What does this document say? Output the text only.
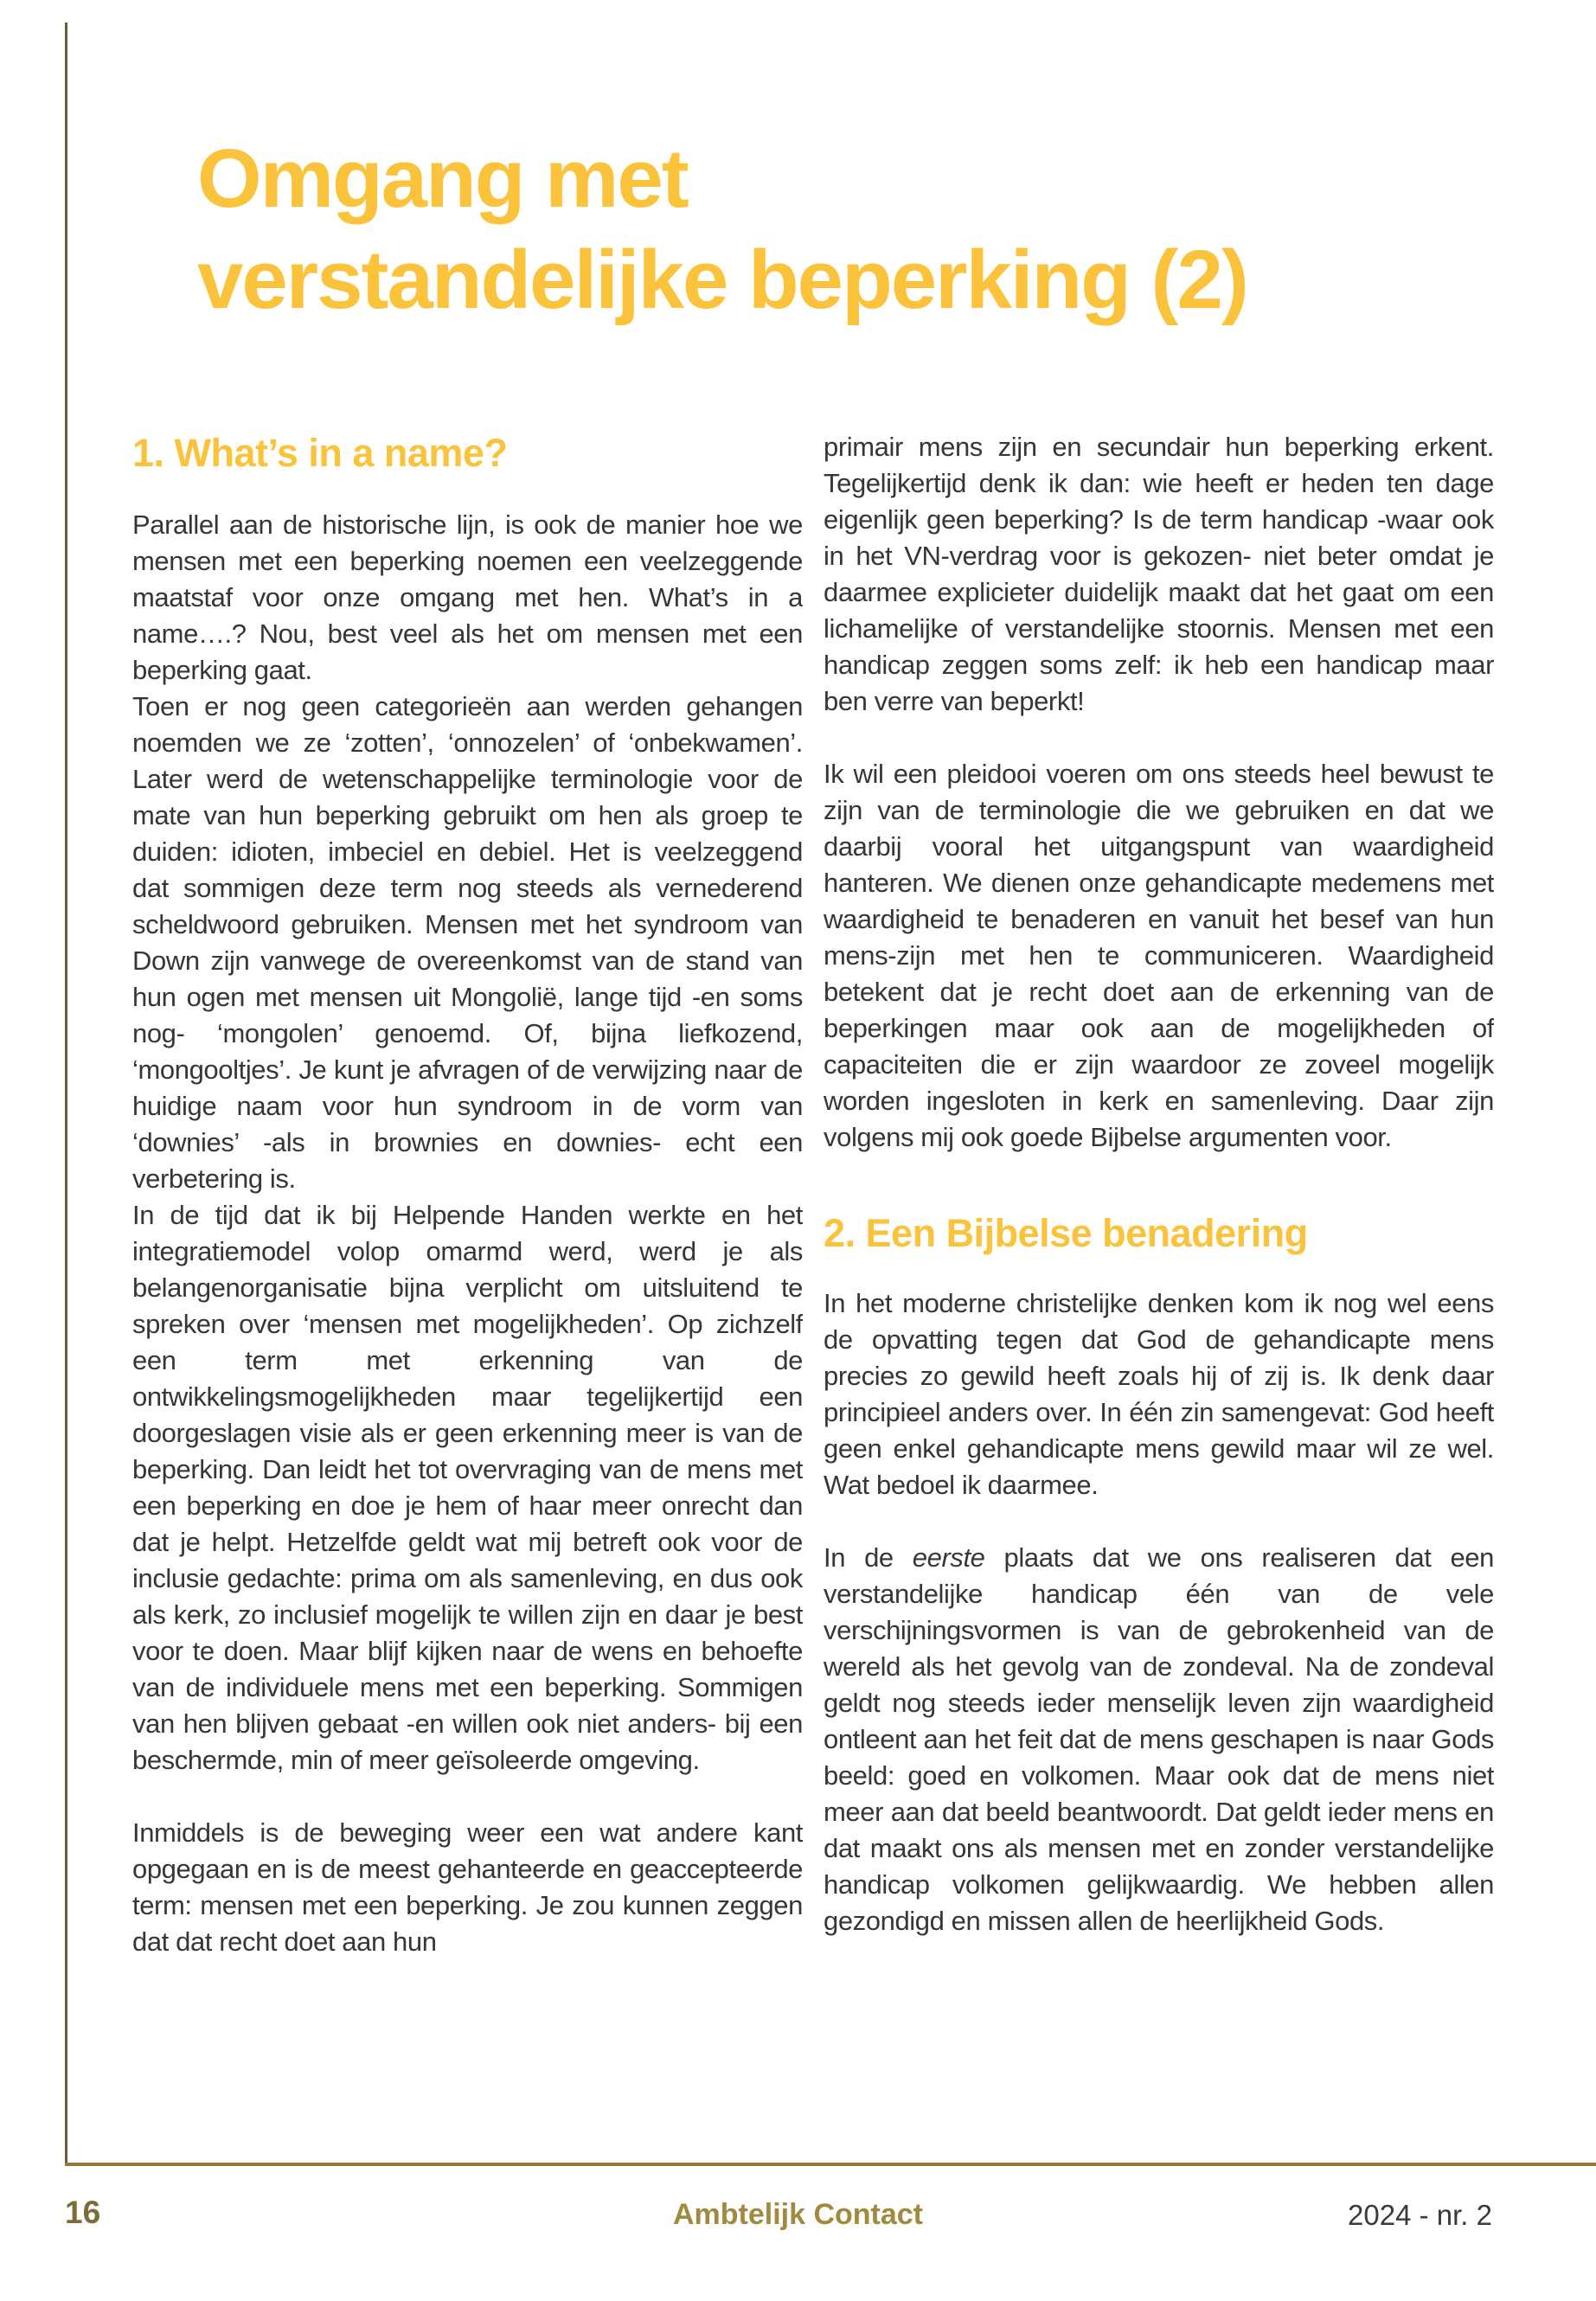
Omgang met
verstandelijke beperking (2)
1. What’s in a name?

Parallel aan de historische lijn, is ook de manier hoe we mensen met een beperking noemen een veelzeggende maatstaf voor onze omgang met hen. What’s in a name….? Nou, best veel als het om mensen met een beperking gaat.

Toen er nog geen categorieën aan werden gehangen noemden we ze ‘zotten’, ‘onnozelen’ of ‘onbekwamen’. Later werd de wetenschappelijke terminologie voor de mate van hun beperking gebruikt om hen als groep te duiden: idioten, imbeciel en debiel. Het is veelzeggend dat sommigen deze term nog steeds als vernederend scheldwoord gebruiken. Mensen met het syndroom van Down zijn vanwege de overeenkomst van de stand van hun ogen met mensen uit Mongolië, lange tijd -en soms nog- ‘mongolen’ genoemd. Of, bijna liefkozend, ‘mongooltjes’. Je kunt je afvragen of de verwijzing naar de huidige naam voor hun syndroom in de vorm van ‘downies’ -als in brownies en downies- echt een verbetering is.

In de tijd dat ik bij Helpende Handen werkte en het integratiemodel volop omarmd werd, werd je als belangenorganisatie bijna verplicht om uitsluitend te spreken over ‘mensen met mogelijkheden’. Op zichzelf een term met erkenning van de ontwikkelingsmogelijkheden maar tegelijkertijd een doorgeslagen visie als er geen erkenning meer is van de beperking. Dan leidt het tot overvraging van de mens met een beperking en doe je hem of haar meer onrecht dan dat je helpt. Hetzelfde geldt wat mij betreft ook voor de inclusie gedachte: prima om als samenleving, en dus ook als kerk, zo inclusief mogelijk te willen zijn en daar je best voor te doen. Maar blijf kijken naar de wens en behoefte van de individuele mens met een beperking. Sommigen van hen blijven gebaat -en willen ook niet anders- bij een beschermde, min of meer geïsoleerde omgeving.

Inmiddels is de beweging weer een wat andere kant opgegaan en is de meest gehanteerde en geaccepteerde term: mensen met een beperking. Je zou kunnen zeggen dat dat recht doet aan hun

primair mens zijn en secundair hun beperking erkent. Tegelijkertijd denk ik dan: wie heeft er heden ten dage eigenlijk geen beperking? Is de term handicap -waar ook in het VN-verdrag voor is gekozen- niet beter omdat je daarmee explicieter duidelijk maakt dat het gaat om een lichamelijke of verstandelijke stoornis. Mensen met een handicap zeggen soms zelf: ik heb een handicap maar ben verre van beperkt!

Ik wil een pleidooi voeren om ons steeds heel bewust te zijn van de terminologie die we gebruiken en dat we daarbij vooral het uitgangspunt van waardigheid hanteren. We dienen onze gehandicapte medemens met waardigheid te benaderen en vanuit het besef van hun mens-zijn met hen te communiceren. Waardigheid betekent dat je recht doet aan de erkenning van de beperkingen maar ook aan de mogelijkheden of capaciteiten die er zijn waardoor ze zoveel mogelijk worden ingesloten in kerk en samenleving. Daar zijn volgens mij ook goede Bijbelse argumenten voor.

2. Een Bijbelse benadering

In het moderne christelijke denken kom ik nog wel eens de opvatting tegen dat God de gehandicapte mens precies zo gewild heeft zoals hij of zij is. Ik denk daar principieel anders over. In één zin samengevat: God heeft geen enkel gehandicapte mens gewild maar wil ze wel. Wat bedoel ik daarmee.

In de eerste plaats dat we ons realiseren dat een verstandelijke handicap één van de vele verschijningsvormen is van de gebrokenheid van de wereld als het gevolg van de zondeval. Na de zondeval geldt nog steeds ieder menselijk leven zijn waardigheid ontleent aan het feit dat de mens geschapen is naar Gods beeld: goed en volkomen. Maar ook dat de mens niet meer aan dat beeld beantwoordt. Dat geldt ieder mens en dat maakt ons als mensen met en zonder verstandelijke handicap volkomen gelijkwaardig. We hebben allen gezondigd en missen allen de heerlijkheid Gods.

16	Ambtelijk Contact	2024 - nr. 2
